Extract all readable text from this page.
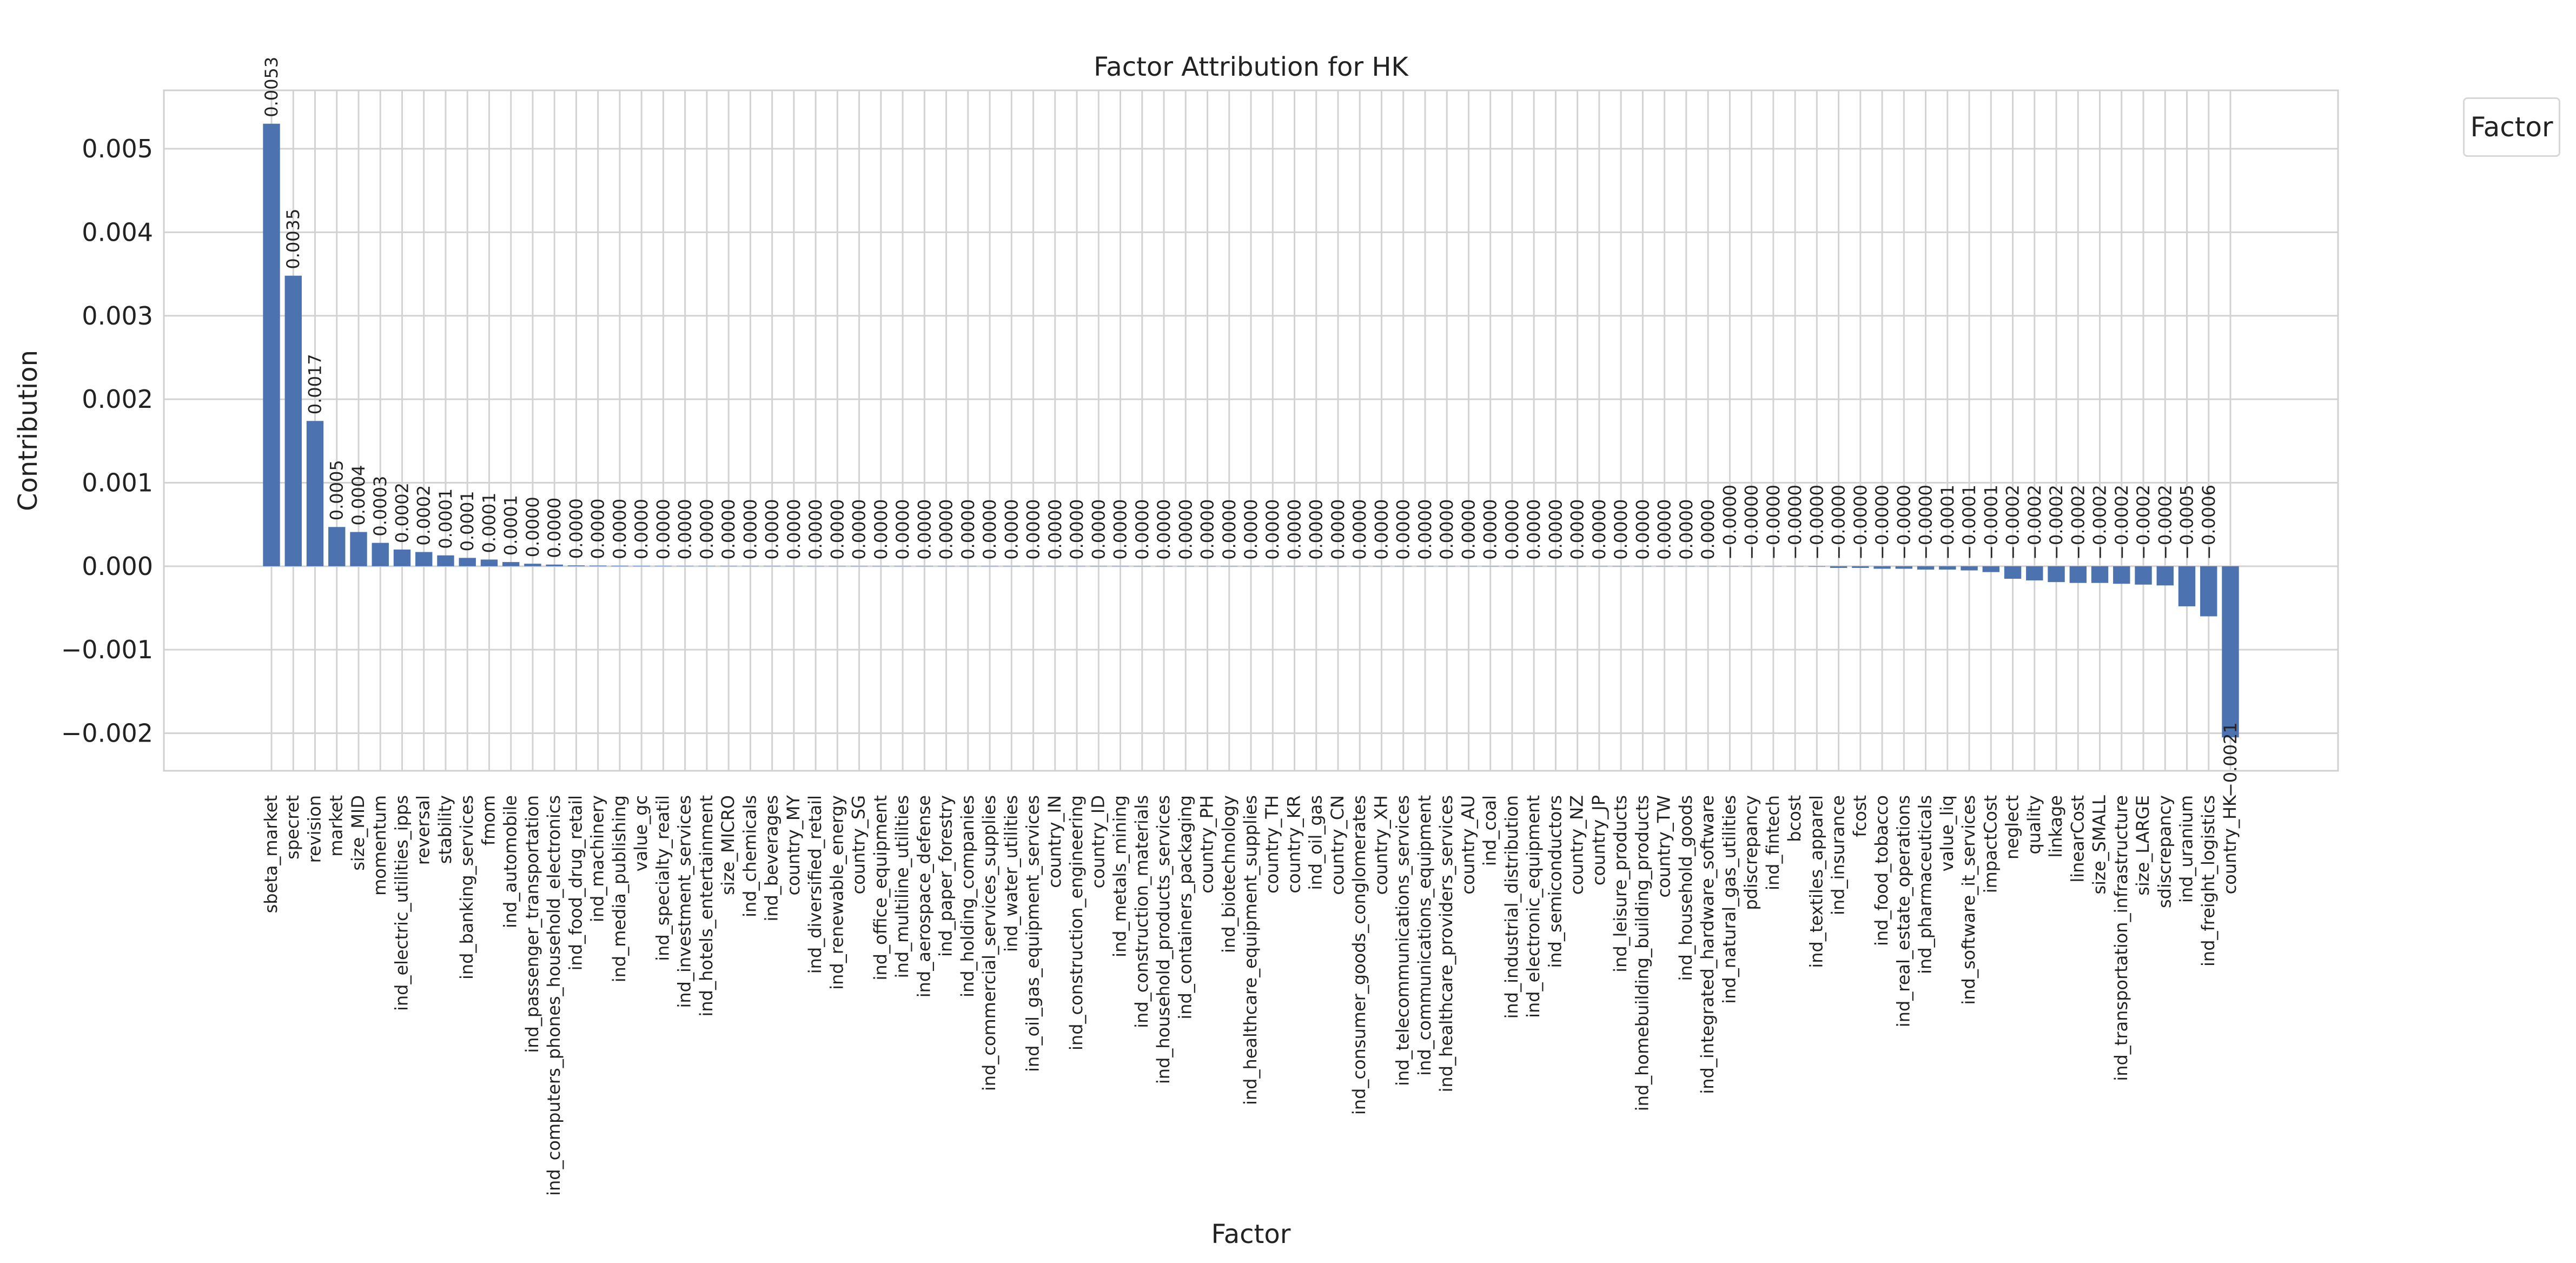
−0.002
−0.001
0.000
0.001
0.002
0.003
0.004
0.005
sbeta_market specret revision market size_MID momentum ind_electric_utilities_ipps reversal stability ind_banking_services fmom ind_automobile ind_passenger_transportation ind_computers_phones_household_electronics ind_food_drug_retail ind_machinery ind_media_publishing value_gc ind_specialty_reatil ind_investment_services ind_hotels_entertainment size_MICRO ind_chemicals ind_beverages country_MY ind_diversified_retail ind_renewable_energy country_SG ind_office_equipment ind_multiline_utilities ind_aerospace_defense ind_paper_forestry ind_holding_companies ind_commercial_services_supplies ind_water_utilities ind_oil_gas_equipment_services country_IN ind_construction_engineering country_ID ind_metals_mining ind_construction_materials ind_household_products_services ind_containers_packaging country_PH ind_biotechnology ind_healthcare_equipment_supplies country_TH country_KR ind_oil_gas country_CN ind_consumer_goods_conglomerates country_XH ind_telecommunications_services ind_communications_equipment ind_healthcare_providers_services country_AU ind_coal ind_industrial_distribution ind_electronic_equipment ind_semiconductors country_NZ country_JP ind_leisure_products ind_homebuilding_building_products country_TW ind_household_goods ind_integrated_hardware_software ind_natural_gas_utilities pdiscrepancy ind_fintech bcost ind_textiles_apparel ind_insurance fcost ind_food_tobacco ind_real_estate_operations ind_pharmaceuticals value_liq ind_software_it_services impactCost neglect quality linkage linearCost size_SMALL ind_transportation_infrastructure size_LARGE sdiscrepancy ind_uranium ind_freight_logistics country_HK
0.0053
0.0035
0.0017
0.0005 0.0004 0.0003 0.0002 0.0002 0.0001 0.0001 0.0001 0.0001 0.0000 0.0000 0.0000 0.0000 0.0000 0.0000 0.0000 0.0000 0.0000 0.0000 0.0000 0.0000 0.0000 0.0000 0.0000 0.0000 0.0000 0.0000 0.0000 0.0000 0.0000 0.0000 0.0000 0.0000 0.0000 0.0000 0.0000 0.0000 0.0000 0.0000 0.0000 0.0000 0.0000 0.0000 0.0000 0.0000 0.0000 0.0000 0.0000 0.0000 0.0000 0.0000 0.0000 0.0000 0.0000 0.0000 0.0000 0.0000 0.0000 0.0000 0.0000 0.0000 0.0000 0.0000 0.0000 −0.0000 −0.0000 −0.0000 −0.0000 −0.0000 −0.0000 −0.0000 −0.0000 −0.0000 −0.0000 −0.0001 −0.0001 −0.0001 −0.0002 −0.0002 −0.0002 −0.0002 −0.0002 −0.0002 −0.0002 −0.0002 −0.0005 −0.0006
−0.0021
Factor Attribution for HK
Factor
Contribution
Factor
